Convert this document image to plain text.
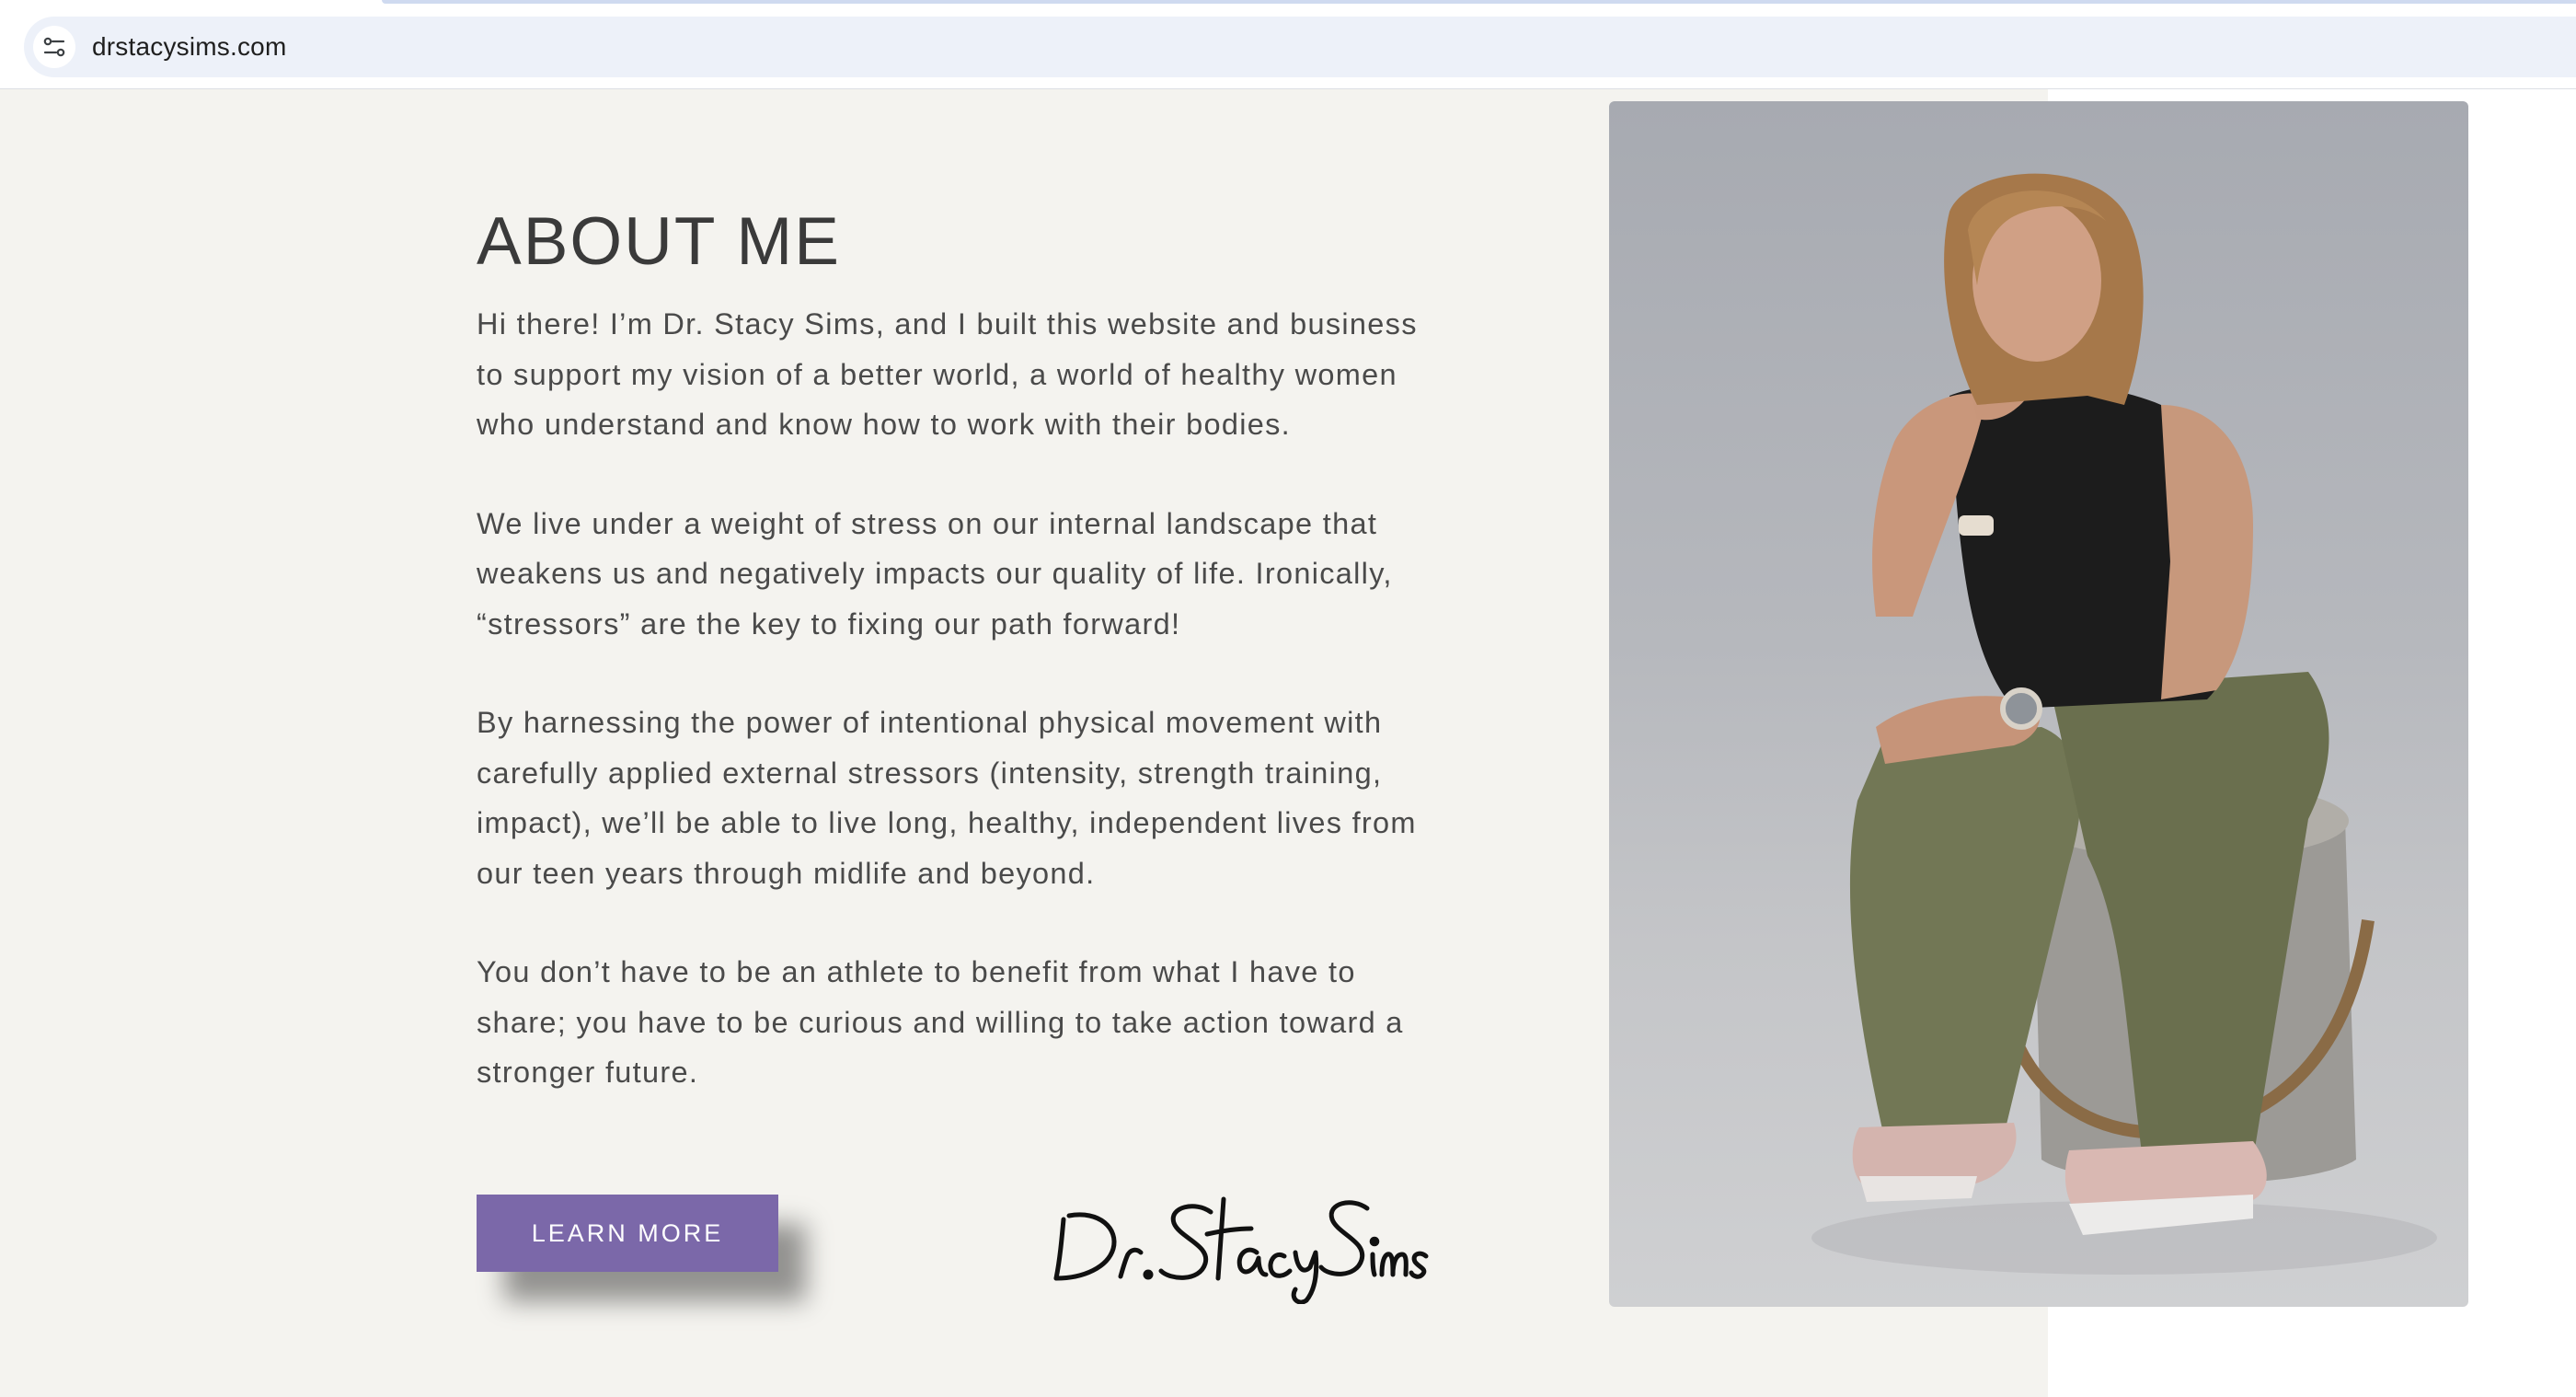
drstacysims.com
ABOUT ME

Hi there! I’m Dr. Stacy Sims, and I built this website and business to support my vision of a better world, a world of healthy women who understand and know how to work with their bodies.

We live under a weight of stress on our internal landscape that weakens us and negatively impacts our quality of life. Ironically, “stressors” are the key to fixing our path forward!

By harnessing the power of intentional physical movement with carefully applied external stressors (intensity, strength training, impact), we’ll be able to live long, healthy, independent lives from our teen years through midlife and beyond.

You don’t have to be an athlete to benefit from what I have to share; you have to be curious and willing to take action toward a stronger future.

LEARN MORE
